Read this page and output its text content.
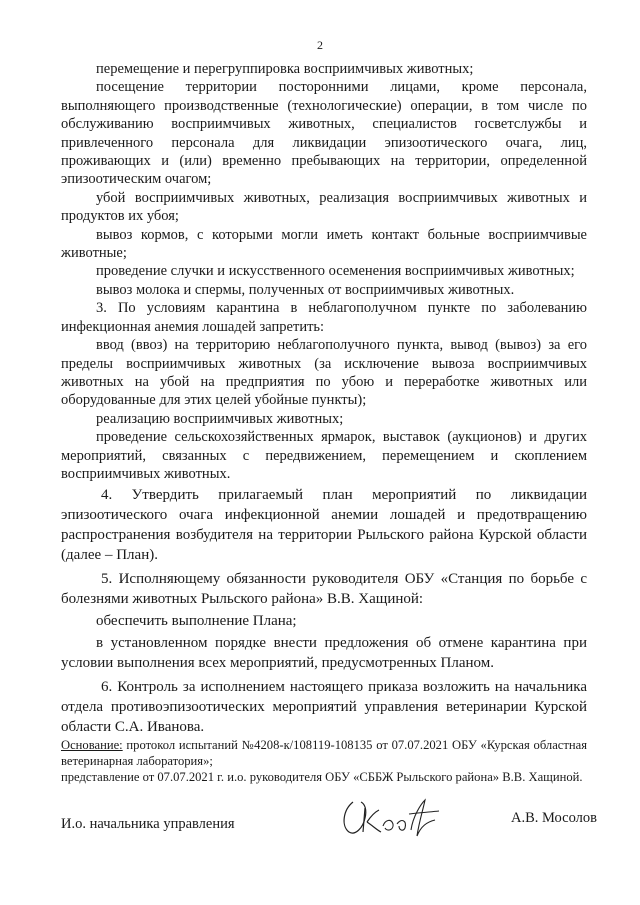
2

перемещение и перегруппировка восприимчивых животных;

посещение территории посторонними лицами, кроме персонала, выполняющего производственные (технологические) операции, в том числе по обслуживанию восприимчивых животных, специалистов госветслужбы и привлеченного персонала для ликвидации эпизоотического очага, лиц, проживающих и (или) временно пребывающих на территории, определенной эпизоотическим очагом;

убой восприимчивых животных, реализация восприимчивых животных и продуктов их убоя;

вывоз кормов, с которыми могли иметь контакт больные восприимчивые животные;

проведение случки и искусственного осеменения восприимчивых животных;

вывоз молока и спермы, полученных от восприимчивых животных.

3. По условиям карантина в неблагополучном пункте по заболеванию инфекционная анемия лошадей запретить:

ввод (ввоз) на территорию неблагополучного пункта, вывод (вывоз) за его пределы восприимчивых животных (за исключение вывоза восприимчивых животных на убой на предприятия по убою и переработке животных или оборудованные для этих целей убойные пункты);

реализацию восприимчивых животных;

проведение сельскохозяйственных ярмарок, выставок (аукционов) и других мероприятий, связанных с передвижением, перемещением и скоплением восприимчивых животных.

4. Утвердить прилагаемый план мероприятий по ликвидации эпизоотического очага инфекционной анемии лошадей и предотвращению распространения возбудителя на территории Рыльского района Курской области (далее – План).

5. Исполняющему обязанности руководителя ОБУ «Станция по борьбе с болезнями животных Рыльского района» В.В. Хащиной:

обеспечить выполнение Плана;

в установленном порядке внести предложения об отмене карантина при условии выполнения всех мероприятий, предусмотренных Планом.

6. Контроль за исполнением настоящего приказа возложить на начальника отдела противоэпизоотических мероприятий управления ветеринарии Курской области С.А. Иванова.

Основание: протокол испытаний №4208-к/108119-108135 от 07.07.2021 ОБУ «Курская областная ветеринарная лаборатория»;

представление от 07.07.2021 г. и.о. руководителя ОБУ «СББЖ Рыльского района» В.В. Хащиной.

И.о. начальника управления	А.В. Мосолов
